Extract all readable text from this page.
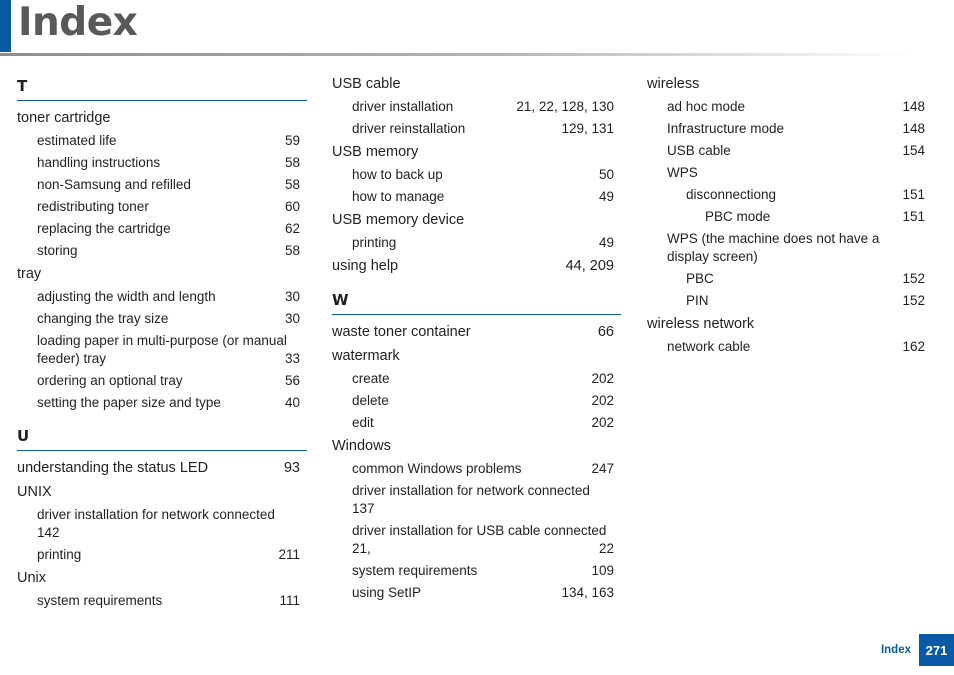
Index
T
toner cartridge
estimated life	59
handling instructions	58
non-Samsung and refilled	58
redistributing toner	60
replacing the cartridge	62
storing	58
tray
adjusting the width and length	30
changing the tray size	30
loading paper in multi-purpose (or manual feeder) tray	33
ordering an optional tray	56
setting the paper size and type	40
U
understanding the status LED	93
UNIX
driver installation for network connected 142
printing	211
Unix
system requirements	111
USB cable
driver installation	21, 22, 128, 130
driver reinstallation	129, 131
USB memory
how to back up	50
how to manage	49
USB memory device
printing	49
using help	44, 209
W
waste toner container	66
watermark
create	202
delete	202
edit	202
Windows
common Windows problems	247
driver installation for network connected 137
driver installation for USB cable connected 21,	22
system requirements	109
using SetIP	134, 163
wireless
ad hoc mode	148
Infrastructure mode	148
USB cable	154
WPS
disconnectiong	151
PBC mode	151
WPS (the machine does not have a display screen)
PBC	152
PIN	152
wireless network
network cable	162
Index	271
